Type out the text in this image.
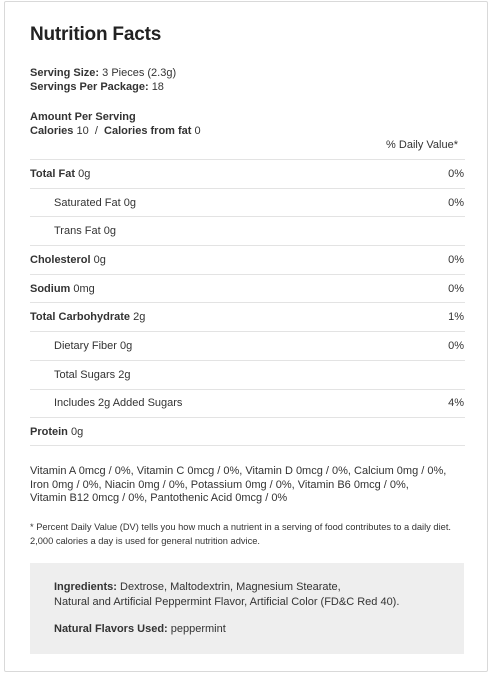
Nutrition Facts
Serving Size: 3 Pieces (2.3g)
Servings Per Package: 18
Amount Per Serving
Calories 10 / Calories from fat 0
% Daily Value*
Total Fat 0g	0%
Saturated Fat 0g	0%
Trans Fat 0g
Cholesterol 0g	0%
Sodium 0mg	0%
Total Carbohydrate 2g	1%
Dietary Fiber 0g	0%
Total Sugars 2g
Includes 2g Added Sugars	4%
Protein 0g
Vitamin A 0mcg / 0%, Vitamin C 0mcg / 0%, Vitamin D 0mcg / 0%, Calcium 0mg / 0%,
Iron 0mg / 0%, Niacin 0mg / 0%, Potassium 0mg / 0%, Vitamin B6 0mcg / 0%,
Vitamin B12 0mcg / 0%, Pantothenic Acid 0mcg / 0%
* Percent Daily Value (DV) tells you how much a nutrient in a serving of food contributes to a daily diet.
2,000 calories a day is used for general nutrition advice.
Ingredients: Dextrose, Maltodextrin, Magnesium Stearate,
Natural and Artificial Peppermint Flavor, Artificial Color (FD&C Red 40).
Natural Flavors Used: peppermint
